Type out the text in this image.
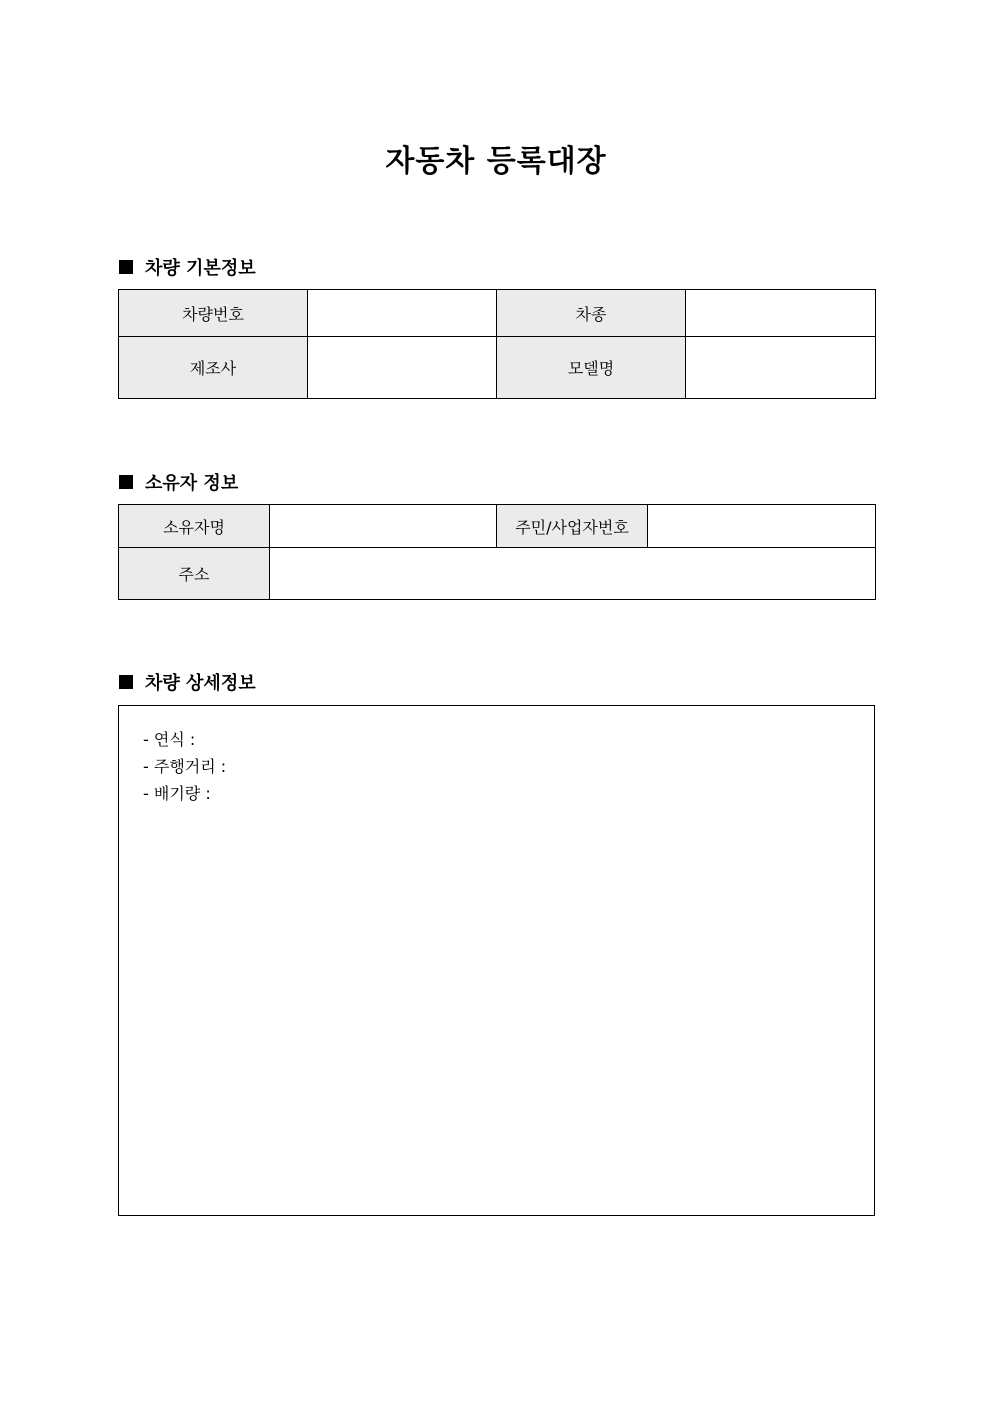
자동차 등록대장
차량 기본정보
차량번호		차종	
제조사		모델명	
소유자 정보
소유자명		주민/사업자번호	
주소			
차량 상세정보
- 연식 :
- 주행거리 :
- 배기량 :
